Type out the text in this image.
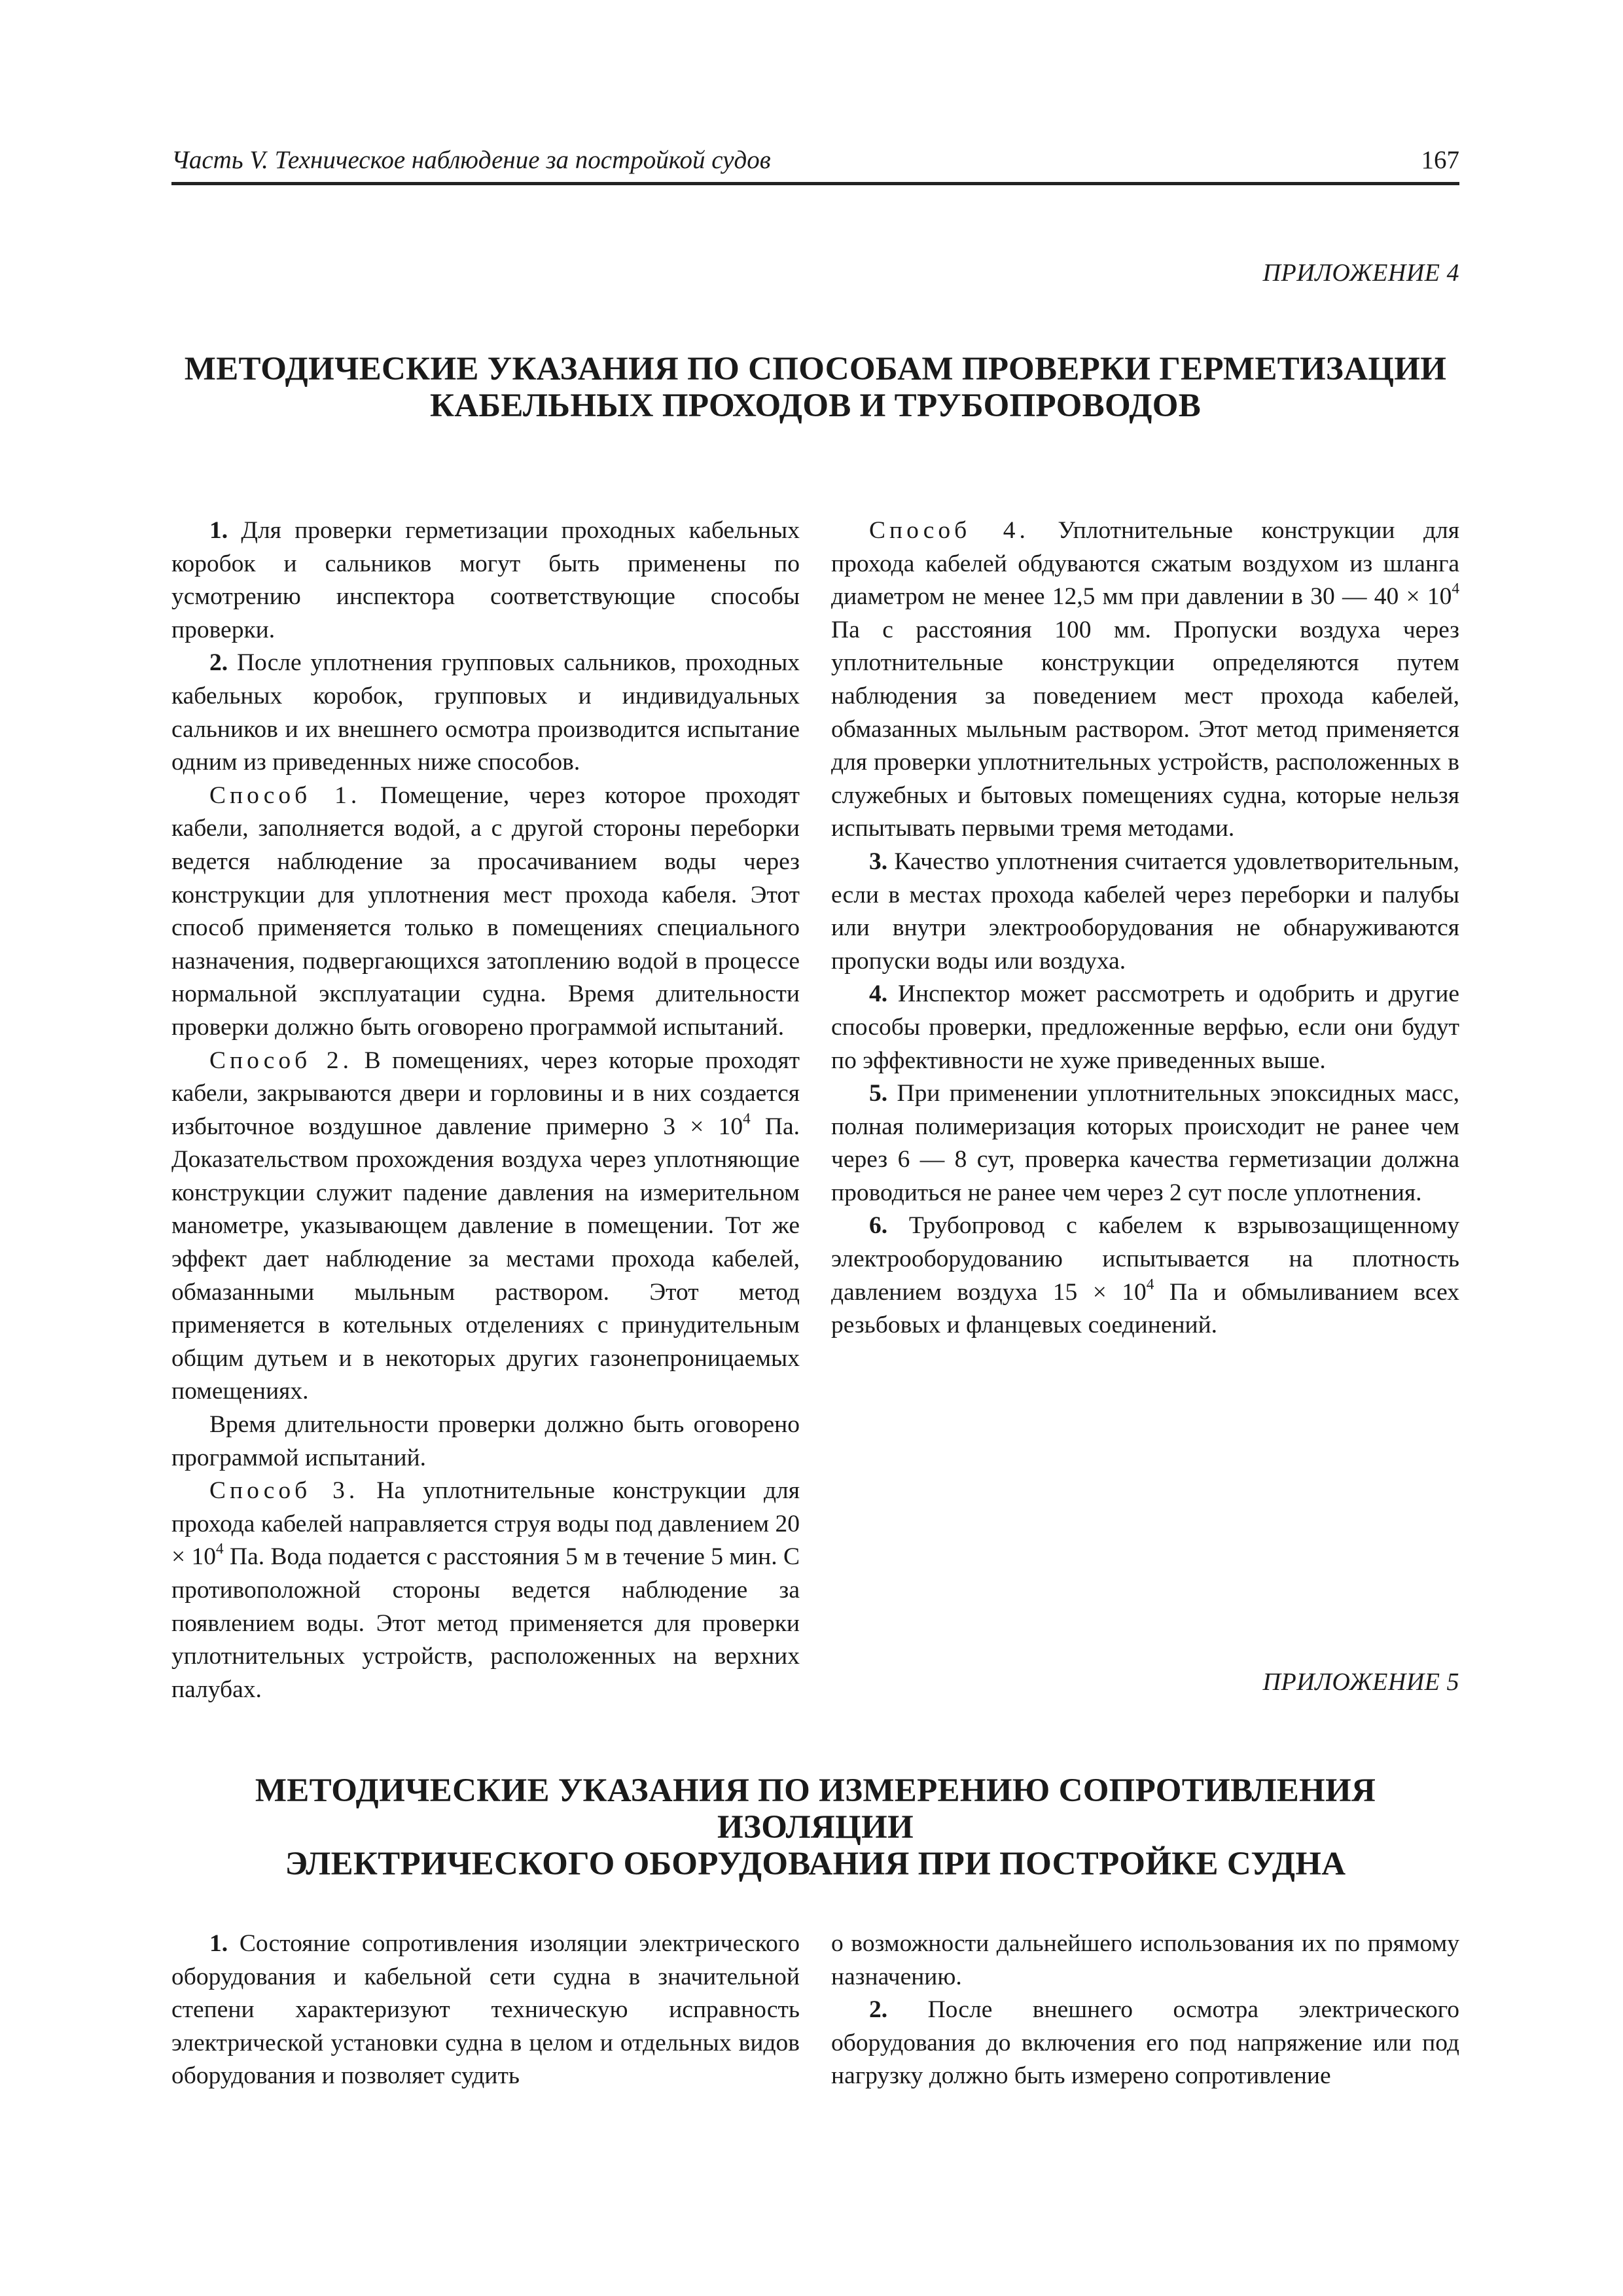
Часть V. Техническое наблюдение за постройкой судов	167
ПРИЛОЖЕНИЕ 4
МЕТОДИЧЕСКИЕ УКАЗАНИЯ ПО СПОСОБАМ ПРОВЕРКИ ГЕРМЕТИЗАЦИИ
КАБЕЛЬНЫХ ПРОХОДОВ И ТРУБОПРОВОДОВ

1. Для проверки герметизации проходных кабельных коробок и сальников могут быть применены по усмотрению инспектора соответствующие способы проверки.

2. После уплотнения групповых сальников, проходных кабельных коробок, групповых и индивидуальных сальников и их внешнего осмотра производится испытание одним из приведенных ниже способов.

Способ 1. Помещение, через которое проходят кабели, заполняется водой, а с другой стороны переборки ведется наблюдение за просачиванием воды через конструкции для уплотнения мест прохода кабеля. Этот способ применяется только в помещениях специального назначения, подвергающихся затоплению водой в процессе нормальной эксплуатации судна. Время длительности проверки должно быть оговорено программой испытаний.

Способ 2. В помещениях, через которые проходят кабели, закрываются двери и горловины и в них создается избыточное воздушное давление примерно $3 \times 10^4$ Па. Доказательством прохождения воздуха через уплотняющие конструкции служит падение давления на измерительном манометре, указывающем давление в помещении. Тот же эффект дает наблюдение за местами прохода кабелей, обмазанными мыльным раствором. Этот метод применяется в котельных отделениях с принудительным общим дутьем и в некоторых других газонепроницаемых помещениях.

Время длительности проверки должно быть оговорено программой испытаний.

Способ 3. На уплотнительные конструкции для прохода кабелей направляется струя воды под давлением $20 \times 10^4$ Па. Вода подается с расстояния 5 м в течение 5 мин. С противоположной стороны ведется наблюдение за появлением воды. Этот метод применяется для проверки уплотнительных устройств, расположенных на верхних палубах.

Способ 4. Уплотнительные конструкции для прохода кабелей обдуваются сжатым воздухом из шланга диаметром не менее 12,5 мм при давлении в 30 — $40 \times 10^4$ Па с расстояния 100 мм. Пропуски воздуха через уплотнительные конструкции определяются путем наблюдения за поведением мест прохода кабелей, обмазанных мыльным раствором. Этот метод применяется для проверки уплотнительных устройств, расположенных в служебных и бытовых помещениях судна, которые нельзя испытывать первыми тремя методами.

3. Качество уплотнения считается удовлетворительным, если в местах прохода кабелей через переборки и палубы или внутри электрооборудования не обнаруживаются пропуски воды или воздуха.

4. Инспектор может рассмотреть и одобрить и другие способы проверки, предложенные верфью, если они будут по эффективности не хуже приведенных выше.

5. При применении уплотнительных эпоксидных масс, полная полимеризация которых происходит не ранее чем через 6 — 8 сут, проверка качества герметизации должна проводиться не ранее чем через 2 сут после уплотнения.

6. Трубопровод с кабелем к взрывозащищенному электрооборудованию испытывается на плотность давлением воздуха $15 \times 10^4$ Па и обмыливанием всех резьбовых и фланцевых соединений.

ПРИЛОЖЕНИЕ 5
МЕТОДИЧЕСКИЕ УКАЗАНИЯ ПО ИЗМЕРЕНИЮ СОПРОТИВЛЕНИЯ ИЗОЛЯЦИИ
ЭЛЕКТРИЧЕСКОГО ОБОРУДОВАНИЯ ПРИ ПОСТРОЙКЕ СУДНА

1. Состояние сопротивления изоляции электрического оборудования и кабельной сети судна в значительной степени характеризуют техническую исправность электрической установки судна в целом и отдельных видов оборудования и позволяет судить

о возможности дальнейшего использования их по прямому назначению.

2. После внешнего осмотра электрического оборудования до включения его под напряжение или под нагрузку должно быть измерено сопротивление
